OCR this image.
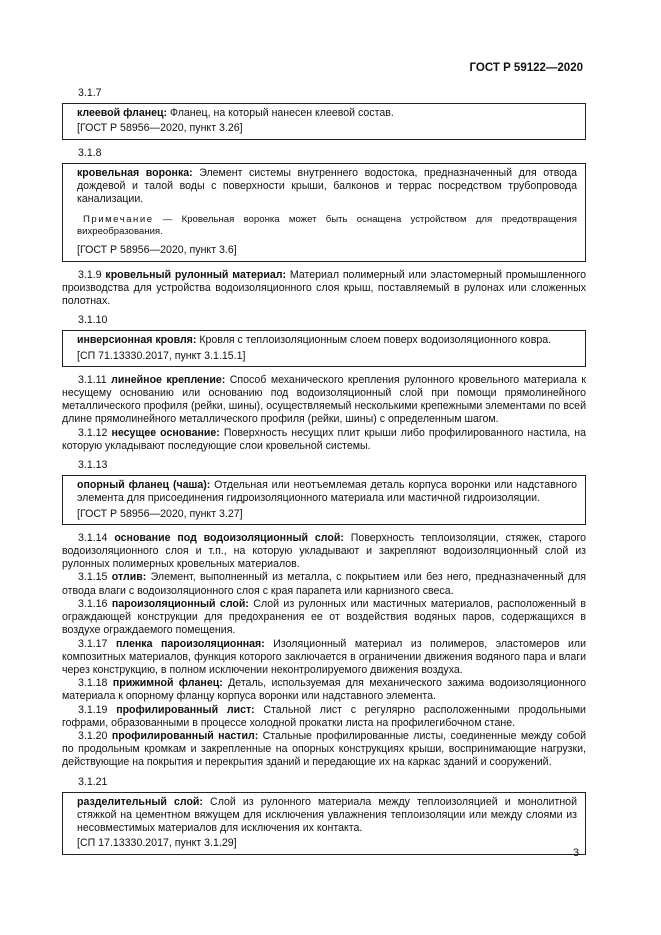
ГОСТ Р 59122—2020
3.1.7

клеевой фланец: Фланец, на который нанесен клеевой состав.

[ГОСТ Р 58956—2020, пункт 3.26]

3.1.8

кровельная воронка: Элемент системы внутреннего водостока, предназначенный для отвода дождевой и талой воды с поверхности крыши, балконов и террас посредством трубопровода канализации.

Примечание — Кровельная воронка может быть оснащена устройством для предотвращения вихреобразования.

[ГОСТ Р 58956—2020, пункт 3.6]

3.1.9 кровельный рулонный материал: Материал полимерный или эластомерный промышленного производства для устройства водоизоляционного слоя крыш, поставляемый в рулонах или сложенных полотнах.

3.1.10

инверсионная кровля: Кровля с теплоизоляционным слоем поверх водоизоляционного ковра.

[СП 71.13330.2017, пункт 3.1.15.1]

3.1.11 линейное крепление: Способ механического крепления рулонного кровельного материала к несущему основанию или основанию под водоизоляционный слой при помощи прямолинейного металлического профиля (рейки, шины), осуществляемый несколькими крепежными элементами по всей длине прямолинейного металлического профиля (рейки, шины) с определенным шагом.

3.1.12 несущее основание: Поверхность несущих плит крыши либо профилированного настила, на которую укладывают последующие слои кровельной системы.

3.1.13

опорный фланец (чаша): Отдельная или неотъемлемая деталь корпуса воронки или надставного элемента для присоединения гидроизоляционного материала или мастичной гидроизоляции.

[ГОСТ Р 58956—2020, пункт 3.27]

3.1.14 основание под водоизоляционный слой: Поверхность теплоизоляции, стяжек, старого водоизоляционного слоя и т.п., на которую укладывают и закрепляют водоизоляционный слой из рулонных полимерных кровельных материалов.

3.1.15 отлив: Элемент, выполненный из металла, с покрытием или без него, предназначенный для отвода влаги с водоизоляционного слоя с края парапета или карнизного свеса.

3.1.16 пароизоляционный слой: Слой из рулонных или мастичных материалов, расположенный в ограждающей конструкции для предохранения ее от воздействия водяных паров, содержащихся в воздухе ограждаемого помещения.

3.1.17 пленка пароизоляционная: Изоляционный материал из полимеров, эластомеров или композитных материалов, функция которого заключается в ограничении движения водяного пара и влаги через конструкцию, в полном исключении неконтролируемого движения воздуха.

3.1.18 прижимной фланец: Деталь, используемая для механического зажима водоизоляционного материала к опорному фланцу корпуса воронки или надставного элемента.

3.1.19 профилированный лист: Стальной лист с регулярно расположенными продольными гофрами, образованными в процессе холодной прокатки листа на профилегибочном стане.

3.1.20 профилированный настил: Стальные профилированные листы, соединенные между собой по продольным кромкам и закрепленные на опорных конструкциях крыши, воспринимающие нагрузки, действующие на покрытия и перекрытия зданий и передающие их на каркас зданий и сооружений.

3.1.21

разделительный слой: Слой из рулонного материала между теплоизоляцией и монолитной стяжкой на цементном вяжущем для исключения увлажнения теплоизоляции или между слоями из несовместимых материалов для исключения их контакта.

[СП 17.13330.2017, пункт 3.1.29]

3
